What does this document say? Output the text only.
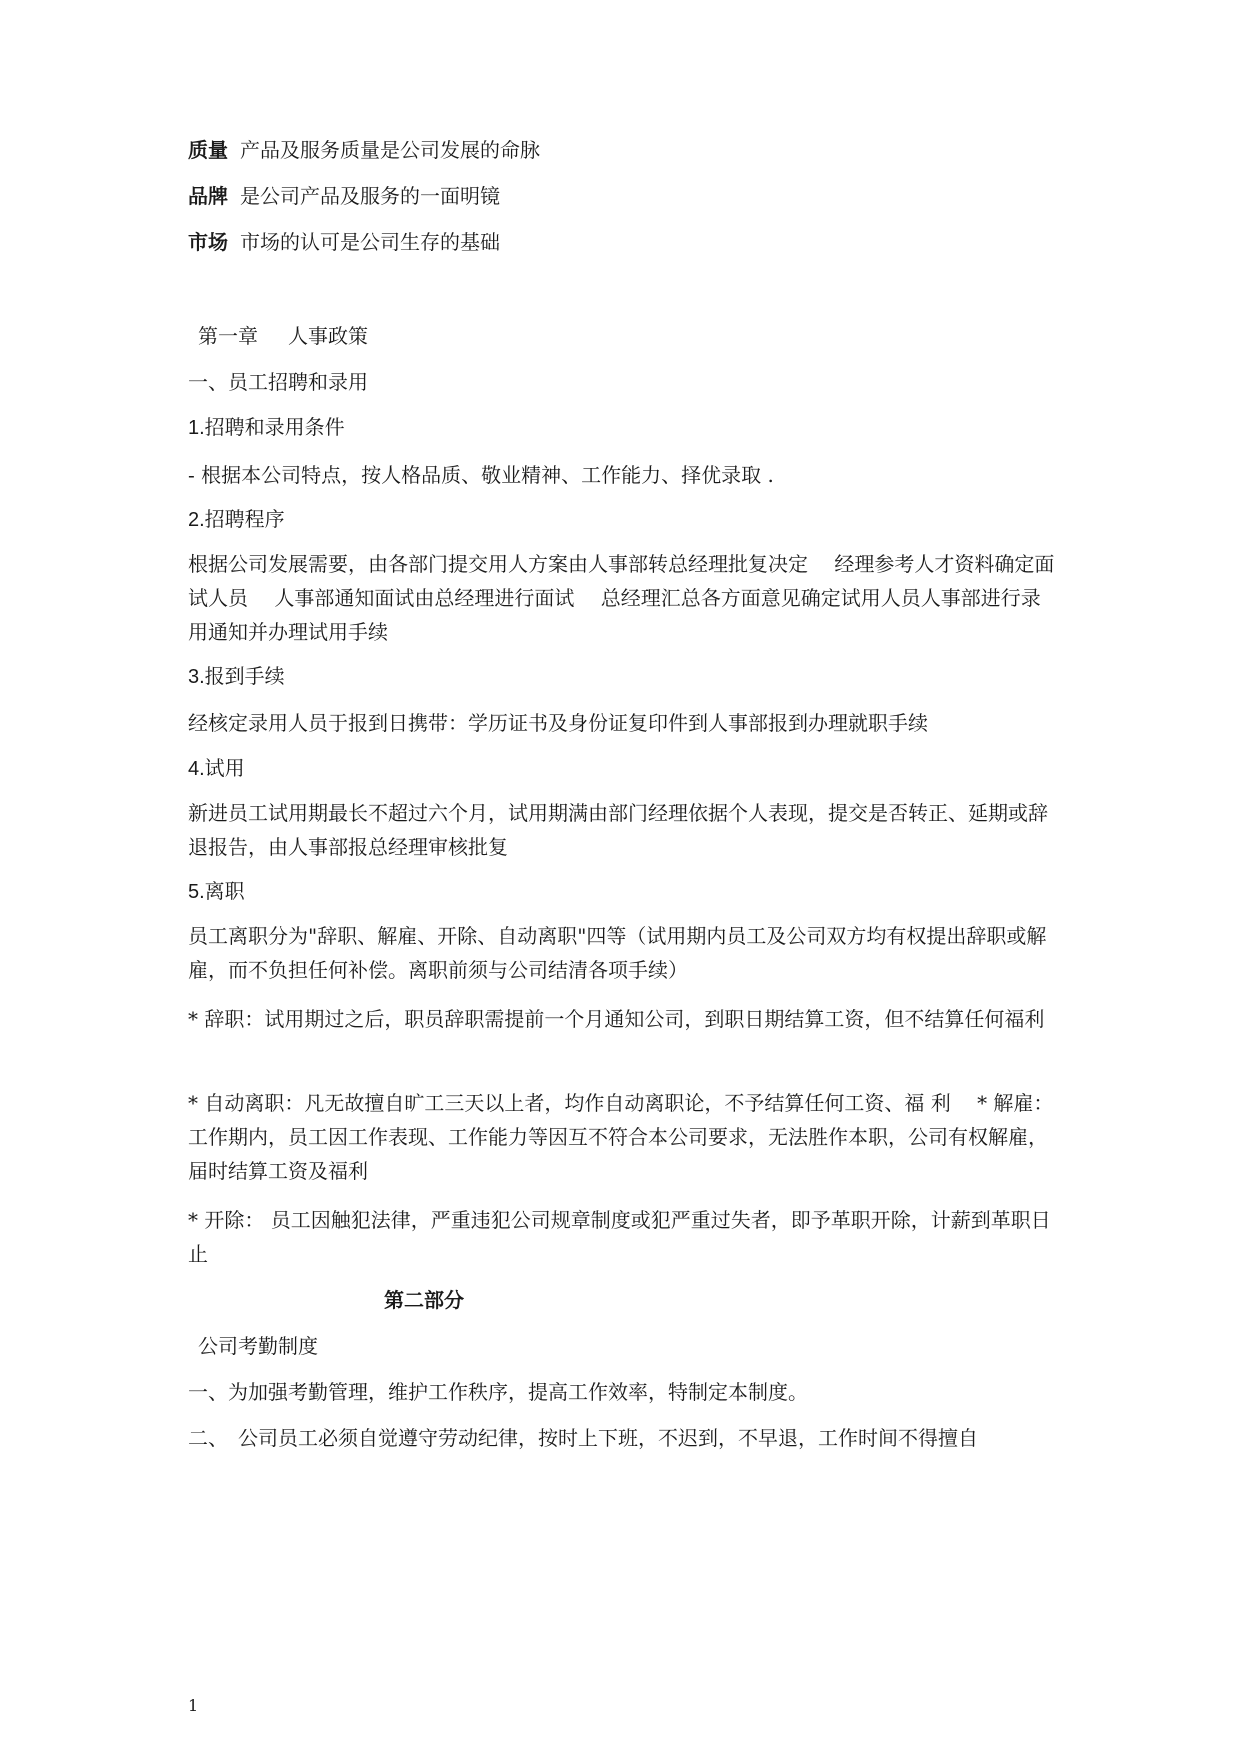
质量 产品及服务质量是公司发展的命脉
品牌 是公司产品及服务的一面明镜
市场 市场的认可是公司生存的基础
第一章 人事政策
一、员工招聘和录用
1.招聘和录用条件
- 根据本公司特点，按人格品质、敬业精神、工作能力、择优录取 .
2.招聘程序
根据公司发展需要，由各部门提交用人方案由人事部转总经理批复决定　 经理参考人才资料确定面试人员　 人事部通知面试由总经理进行面试　 总经理汇总各方面意见确定试用人员人事部进行录用通知并办理试用手续
3.报到手续
经核定录用人员于报到日携带：学历证书及身份证复印件到人事部报到办理就职手续
4.试用
新进员工试用期最长不超过六个月，试用期满由部门经理依据个人表现，提交是否转正、延期或辞退报告，由人事部报总经理审核批复
5.离职
员工离职分为"辞职、解雇、开除、自动离职"四等（试用期内员工及公司双方均有权提出辞职或解雇，而不负担任何补偿。离职前须与公司结清各项手续）
* 辞职：试用期过之后，职员辞职需提前一个月通知公司，到职日期结算工资，但不结算任何福利
* 自动离职：凡无故擅自旷工三天以上者，均作自动离职论，不予结算任何工资、福 利　 * 解雇： 工作期内，员工因工作表现、工作能力等因互不符合本公司要求，无法胜作本职，公司有权解雇， 届时结算工资及福利
* 开除： 员工因触犯法律，严重违犯公司规章制度或犯严重过失者，即予革职开除，计薪到革职日止
第二部分
公司考勤制度
一、为加强考勤管理，维护工作秩序，提高工作效率，特制定本制度。
二、　公司员工必须自觉遵守劳动纪律，按时上下班，不迟到，不早退，工作时间不得擅自
1
